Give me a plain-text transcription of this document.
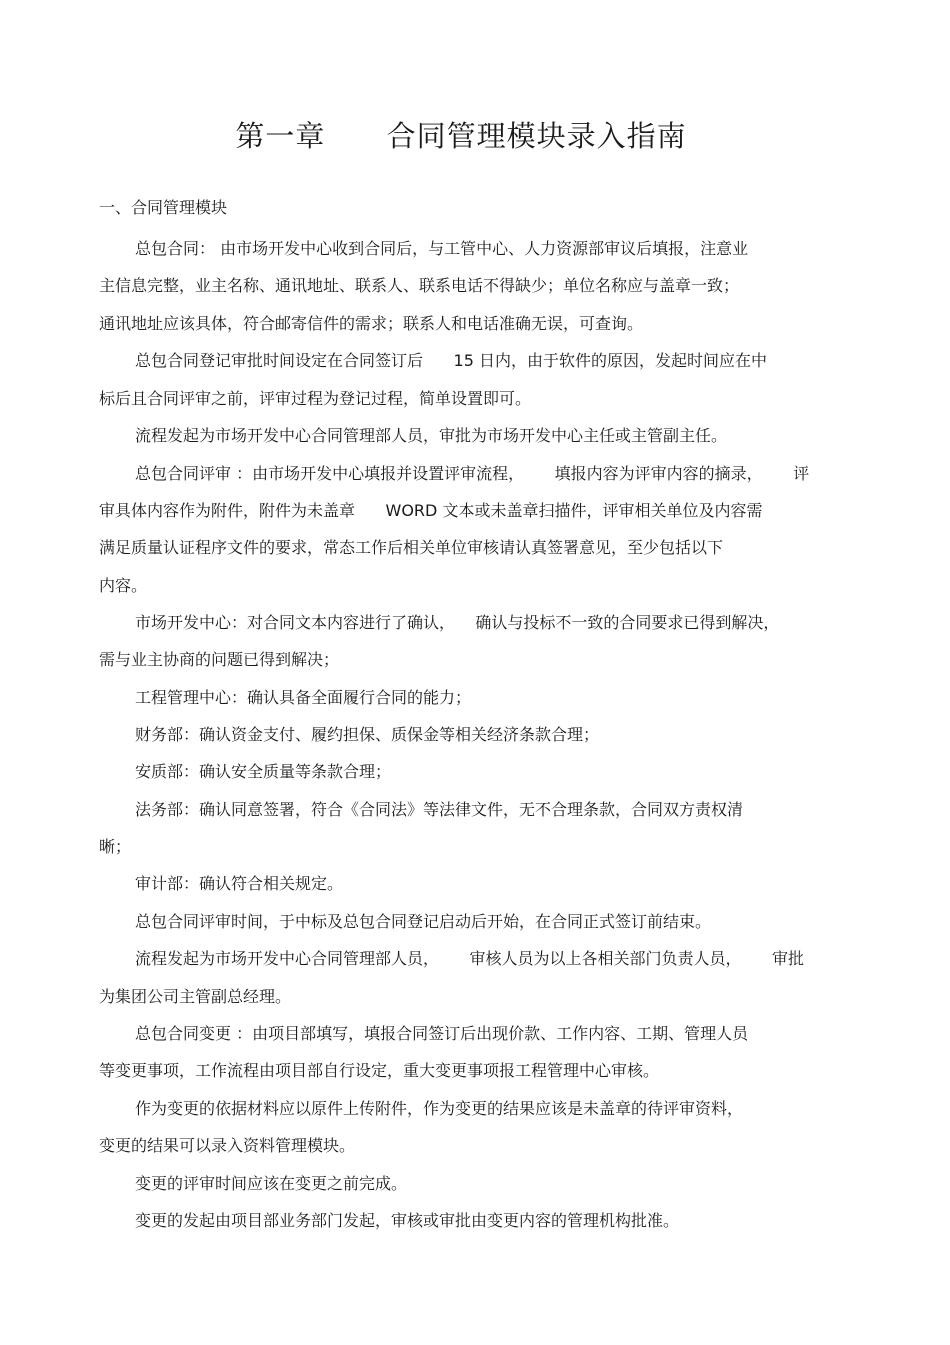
第一章      合同管理模块录入指南
一、合同管理模块
总包合同： 由市场开发中心收到合同后，与工管中心、人力资源部审议后填报，注意业
主信息完整，业主名称、通讯地址、联系人、联系电话不得缺少；单位名称应与盖章一致；
通讯地址应该具体，符合邮寄信件的需求；联系人和电话准确无误，可查询。
总包合同登记审批时间设定在合同签订后      15 日内，由于软件的原因，发起时间应在中
标后且合同评审之前，评审过程为登记过程，简单设置即可。
流程发起为市场开发中心合同管理部人员，审批为市场开发中心主任或主管副主任。
总包合同评审 ：由市场开发中心填报并设置评审流程，      填报内容为评审内容的摘录，      评
审具体内容作为附件，附件为未盖章      WORD 文本或未盖章扫描件，评审相关单位及内容需
满足质量认证程序文件的要求，常态工作后相关单位审核请认真签署意见，至少包括以下
内容。
市场开发中心：对合同文本内容进行了确认，    确认与投标不一致的合同要求已得到解决，
需与业主协商的问题已得到解决；
工程管理中心：确认具备全面履行合同的能力；
财务部：确认资金支付、履约担保、质保金等相关经济条款合理；
安质部：确认安全质量等条款合理；
法务部：确认同意签署，符合《合同法》等法律文件，无不合理条款，合同双方责权清
晰；
审计部：确认符合相关规定。
总包合同评审时间，于中标及总包合同登记启动后开始，在合同正式签订前结束。
流程发起为市场开发中心合同管理部人员，      审核人员为以上各相关部门负责人员，      审批
为集团公司主管副总经理。
总包合同变更 ：由项目部填写，填报合同签订后出现价款、工作内容、工期、管理人员
等变更事项，工作流程由项目部自行设定，重大变更事项报工程管理中心审核。
作为变更的依据材料应以原件上传附件，作为变更的结果应该是未盖章的待评审资料，
变更的结果可以录入资料管理模块。
变更的评审时间应该在变更之前完成。
变更的发起由项目部业务部门发起，审核或审批由变更内容的管理机构批准。
